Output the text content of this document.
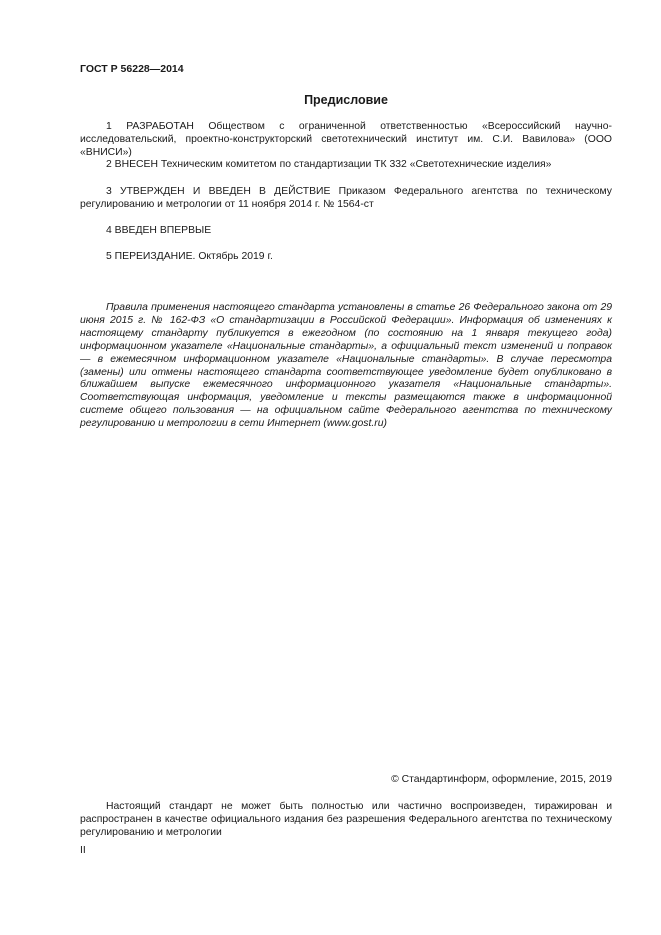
ГОСТ Р 56228—2014
Предисловие

1 РАЗРАБОТАН Обществом с ограниченной ответственностью «Всероссийский научно-исследовательский, проектно-конструкторский светотехнический институт им. С.И. Вавилова» (ООО «ВНИСИ»)

2 ВНЕСЕН Техническим комитетом по стандартизации ТК 332 «Светотехнические изделия»

3 УТВЕРЖДЕН И ВВЕДЕН В ДЕЙСТВИЕ Приказом Федерального агентства по техническому регулированию и метрологии от 11 ноября 2014 г. № 1564-ст

4 ВВЕДЕН ВПЕРВЫЕ

5 ПЕРЕИЗДАНИЕ. Октябрь 2019 г.

Правила применения настоящего стандарта установлены в статье 26 Федерального закона от 29 июня 2015 г. № 162-ФЗ «О стандартизации в Российской Федерации». Информация об изменениях к настоящему стандарту публикуется в ежегодном (по состоянию на 1 января текущего года) информационном указателе «Национальные стандарты», а официальный текст изменений и поправок — в ежемесячном информационном указателе «Национальные стандарты». В случае пересмотра (замены) или отмены настоящего стандарта соответствующее уведомление будет опубликовано в ближайшем выпуске ежемесячного информационного указателя «Национальные стандарты». Соответствующая информация, уведомление и тексты размещаются также в информационной системе общего пользования — на официальном сайте Федерального агентства по техническому регулированию и метрологии в сети Интернет (www.gost.ru)

© Стандартинформ, оформление, 2015, 2019

Настоящий стандарт не может быть полностью или частично воспроизведен, тиражирован и распространен в качестве официального издания без разрешения Федерального агентства по техническому регулированию и метрологии

II
